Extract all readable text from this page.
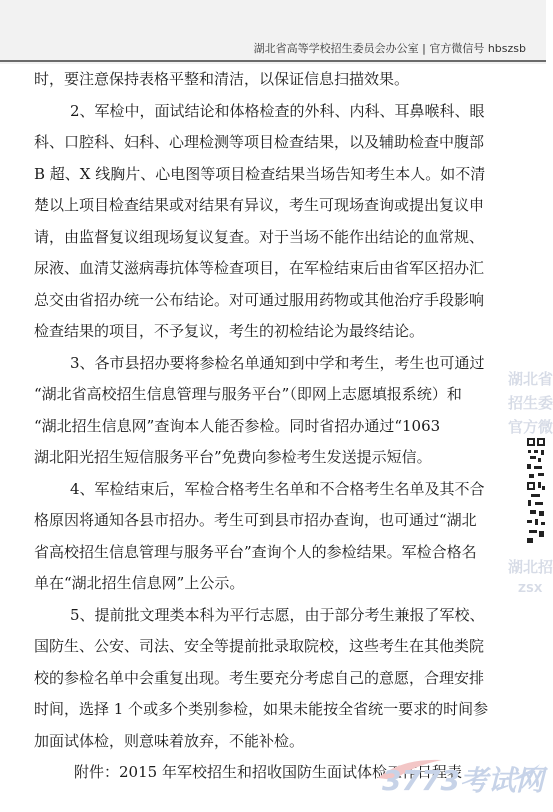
湖北省高等学校招生委员会办公室 | 官方微信号 hbszsb
时，要注意保持表格平整和清洁，以保证信息扫描效果。
2、军检中，面试结论和体格检查的外科、内科、耳鼻喉科、眼
科、口腔科、妇科、心理检测等项目检查结果，以及辅助检查中腹部
B 超、X 线胸片、心电图等项目检查结果当场告知考生本人。如不清
楚以上项目检查结果或对结果有异议，考生可现场查询或提出复议申
请，由监督复议组现场复议复查。对于当场不能作出结论的血常规、
尿液、血清艾滋病毒抗体等检查项目，在军检结束后由省军区招办汇
总交由省招办统一公布结论。对可通过服用药物或其他治疗手段影响
检查结果的项目，不予复议，考生的初检结论为最终结论。
3、各市县招办要将参检名单通知到中学和考生，考生也可通过
“湖北省高校招生信息管理与服务平台”（即网上志愿填报系统）和
“湖北招生信息网”查询本人能否参检。同时省招办通过“1063
湖北阳光招生短信服务平台”免费向参检考生发送提示短信。
4、军检结束后，军检合格考生名单和不合格考生名单及其不合
格原因将通知各县市招办。考生可到县市招办查询，也可通过“湖北
省高校招生信息管理与服务平台”查询个人的参检结果。军检合格名
单在“湖北招生信息网”上公示。
5、提前批文理类本科为平行志愿，由于部分考生兼报了军校、
国防生、公安、司法、安全等提前批录取院校，这些考生在其他类院
校的参检名单中会重复出现。考生要充分考虑自己的意愿，合理安排
时间，选择 1 个或多个类别参检，如果未能按全省统一要求的时间参
加面试体检，则意味着放弃，不能补检。
附件：2015 年军校招生和招收国防生面试体检工作日程表
湖北省
招生委
官方微
湖北招
ZSX
3773考试网
